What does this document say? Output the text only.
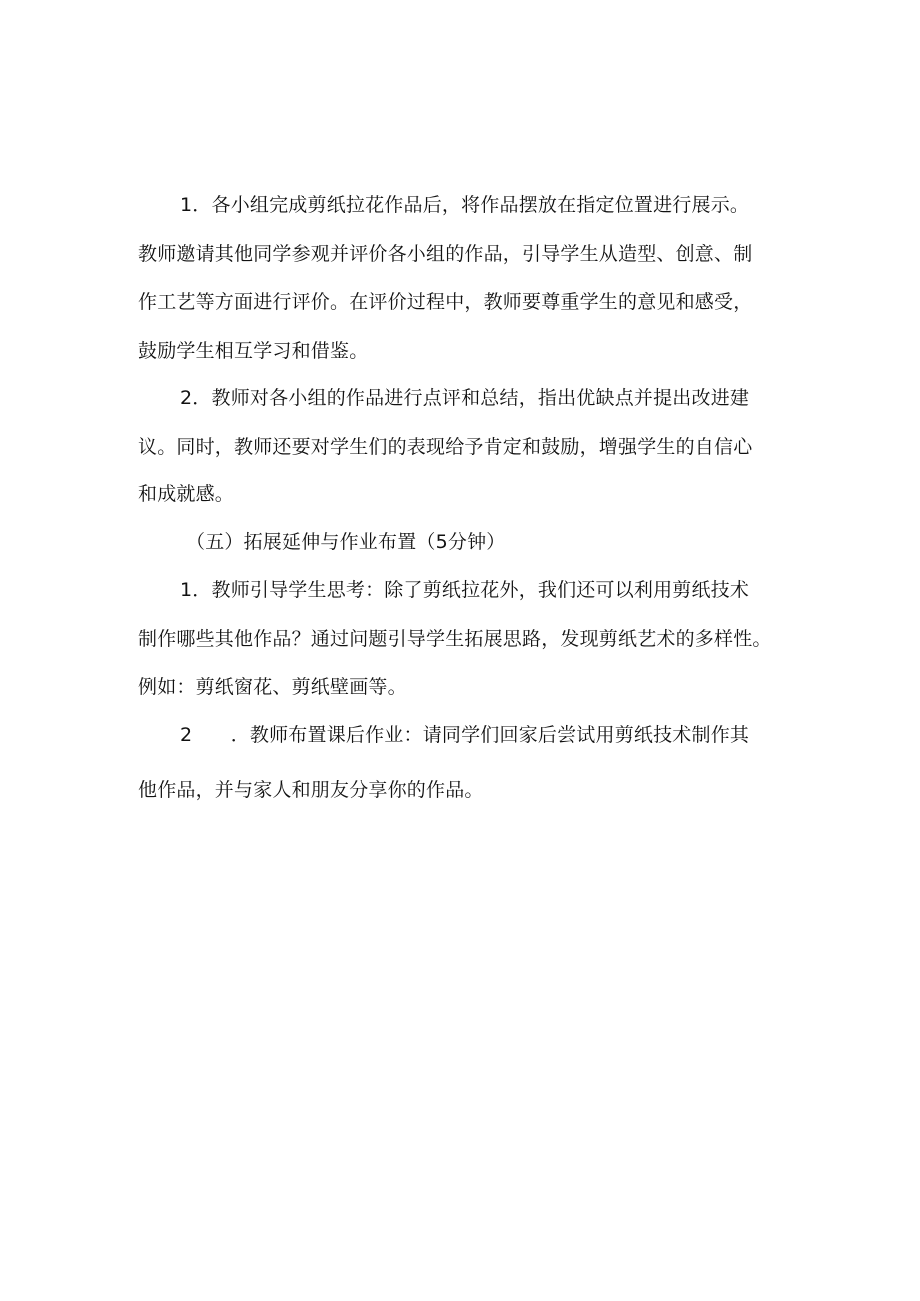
1．各小组完成剪纸拉花作品后，将作品摆放在指定位置进行展示。
教师邀请其他同学参观并评价各小组的作品，引导学生从造型、创意、制
作工艺等方面进行评价。在评价过程中，教师要尊重学生的意见和感受，
鼓励学生相互学习和借鉴。
2．教师对各小组的作品进行点评和总结，指出优缺点并提出改进建
议。同时，教师还要对学生们的表现给予肯定和鼓励，增强学生的自信心
和成就感。
（五）拓展延伸与作业布置（5分钟）
1．教师引导学生思考：除了剪纸拉花外，我们还可以利用剪纸技术
制作哪些其他作品？通过问题引导学生拓展思路，发现剪纸艺术的多样性。
例如：剪纸窗花、剪纸壁画等。
2　　．教师布置课后作业：请同学们回家后尝试用剪纸技术制作其
他作品，并与家人和朋友分享你的作品。
